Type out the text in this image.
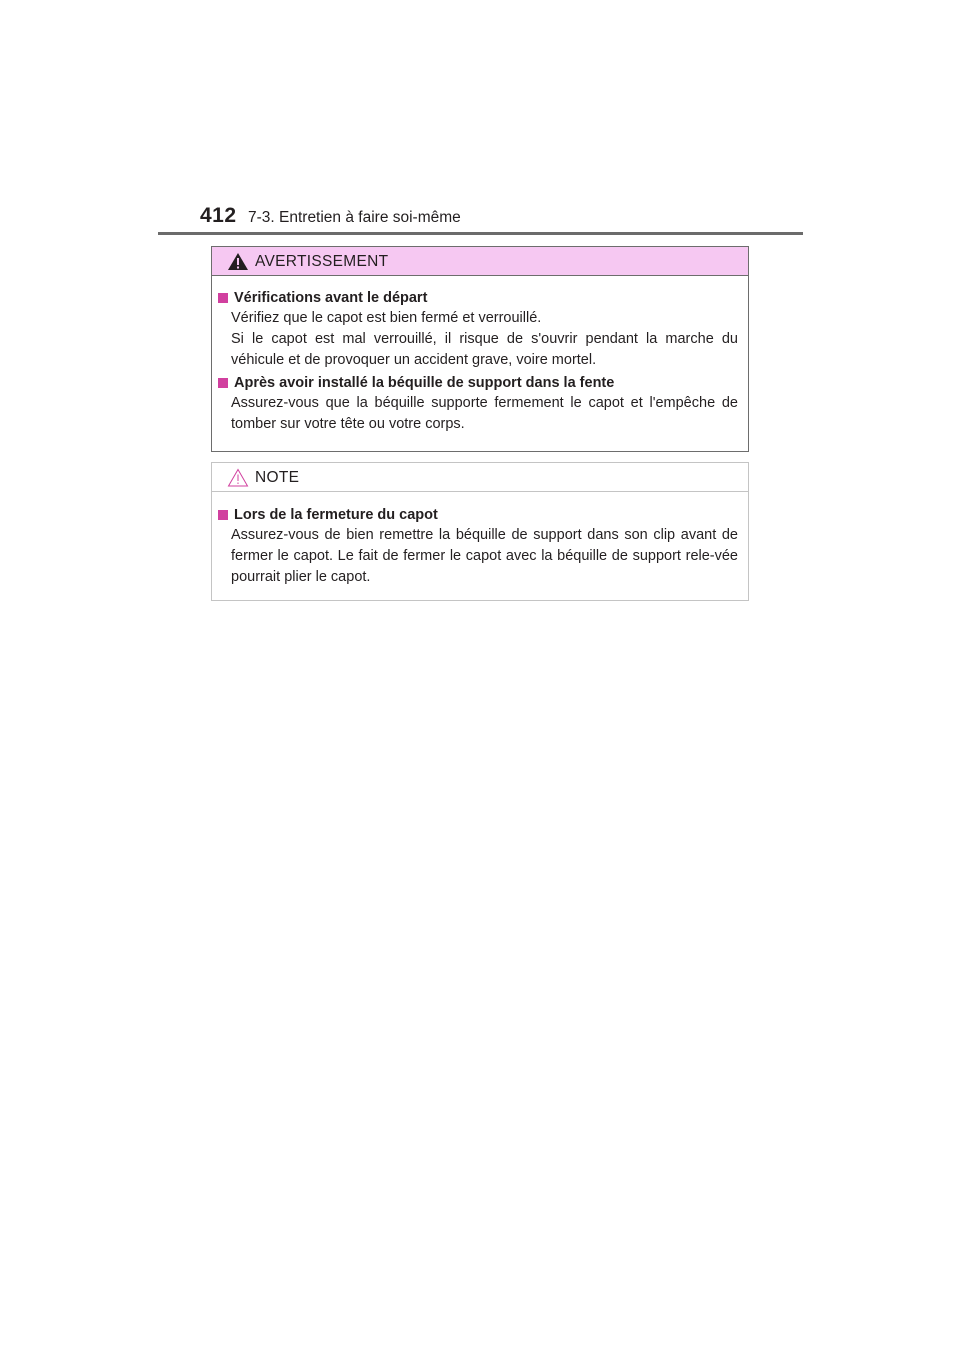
412 7-3. Entretien à faire soi-même
AVERTISSEMENT
Vérifications avant le départ

Vérifiez que le capot est bien fermé et verrouillé.

Si le capot est mal verrouillé, il risque de s'ouvrir pendant la marche du véhicule et de provoquer un accident grave, voire mortel.

Après avoir installé la béquille de support dans la fente

Assurez-vous que la béquille supporte fermement le capot et l'empêche de tomber sur votre tête ou votre corps.

NOTE
Lors de la fermeture du capot

Assurez-vous de bien remettre la béquille de support dans son clip avant de fermer le capot. Le fait de fermer le capot avec la béquille de support rele-vée pourrait plier le capot.
